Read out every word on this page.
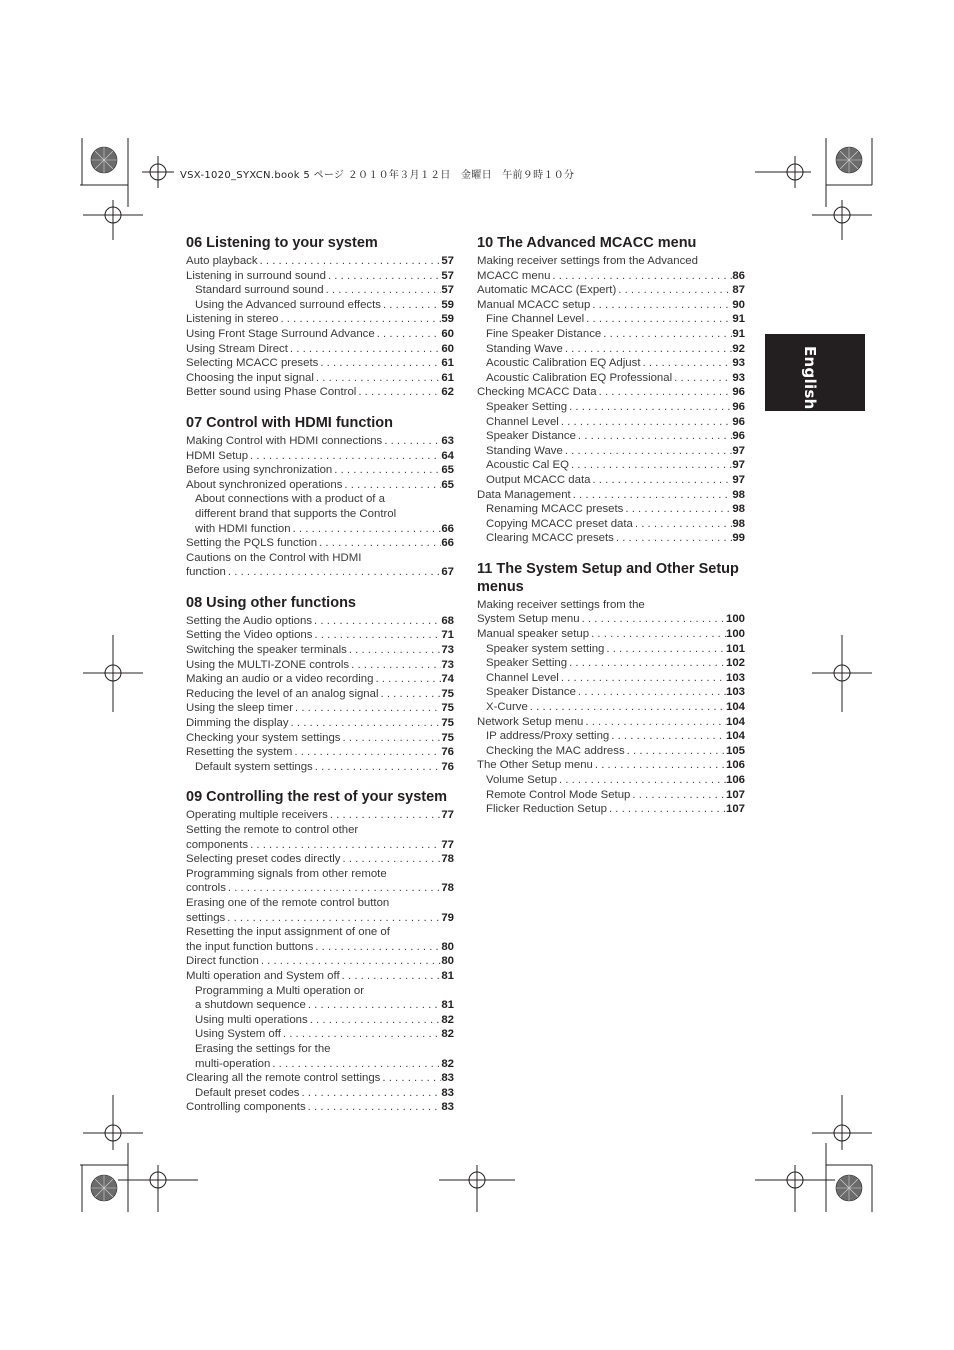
VSX-1020_SYXCN.book 5 ページ ２０１０年３月１２日　金曜日　午前９時１０分
English
06 Listening to your system
Auto playback . . .	57
Listening in surround sound . . .	57
Standard surround sound . . .	57
Using the Advanced surround effects . . .	59
Listening in stereo . . .	59
Using Front Stage Surround Advance . . .	60
Using Stream Direct . . .	60
Selecting MCACC presets . . .	61
Choosing the input signal . . .	61
Better sound using Phase Control . . .	62
07 Control with HDMI function
Making Control with HDMI connections . . .	63
HDMI Setup . . .	64
Before using synchronization . . .	65
About synchronized operations . . .	65
About connections with a product of a
different brand that supports the Control
with HDMI function . . .	66
Setting the PQLS function . . .	66
Cautions on the Control with HDMI
function . . .	67
08 Using other functions
Setting the Audio options . . .	68
Setting the Video options . . .	71
Switching the speaker terminals . . .	73
Using the MULTI-ZONE controls . . .	73
Making an audio or a video recording . . .	74
Reducing the level of an analog signal . . .	75
Using the sleep timer . . .	75
Dimming the display . . .	75
Checking your system settings . . .	75
Resetting the system . . .	76
Default system settings . . .	76
09 Controlling the rest of your system
Operating multiple receivers . . .	77
Setting the remote to control other
components . . .	77
Selecting preset codes directly . . .	78
Programming signals from other remote
controls . . .	78
Erasing one of the remote control button
settings . . .	79
Resetting the input assignment of one of
the input function buttons . . .	80
Direct function . . .	80
Multi operation and System off . . .	81
Programming a Multi operation or
a shutdown sequence . . .	81
Using multi operations . . .	82
Using System off . . .	82
Erasing the settings for the
multi-operation . . .	82
Clearing all the remote control settings . . .	83
Default preset codes . . .	83
Controlling components . . .	83
10 The Advanced MCACC menu
Making receiver settings from the Advanced
MCACC menu . . .	86
Automatic MCACC (Expert) . . .	87
Manual MCACC setup . . .	90
Fine Channel Level . . .	91
Fine Speaker Distance . . .	91
Standing Wave . . .	92
Acoustic Calibration EQ Adjust . . .	93
Acoustic Calibration EQ Professional . . .	93
Checking MCACC Data . . .	96
Speaker Setting . . .	96
Channel Level . . .	96
Speaker Distance . . .	96
Standing Wave . . .	97
Acoustic Cal EQ . . .	97
Output MCACC data . . .	97
Data Management . . .	98
Renaming MCACC presets . . .	98
Copying MCACC preset data . . .	98
Clearing MCACC presets . . .	99
11 The System Setup and Other Setup menus
Making receiver settings from the
System Setup menu . . .	100
Manual speaker setup . . .	100
Speaker system setting . . .	101
Speaker Setting . . .	102
Channel Level . . .	103
Speaker Distance . . .	103
X-Curve . . .	104
Network Setup menu . . .	104
IP address/Proxy setting . . .	104
Checking the MAC address . . .	105
The Other Setup menu . . .	106
Volume Setup . . .	106
Remote Control Mode Setup . . .	107
Flicker Reduction Setup . . .	107
